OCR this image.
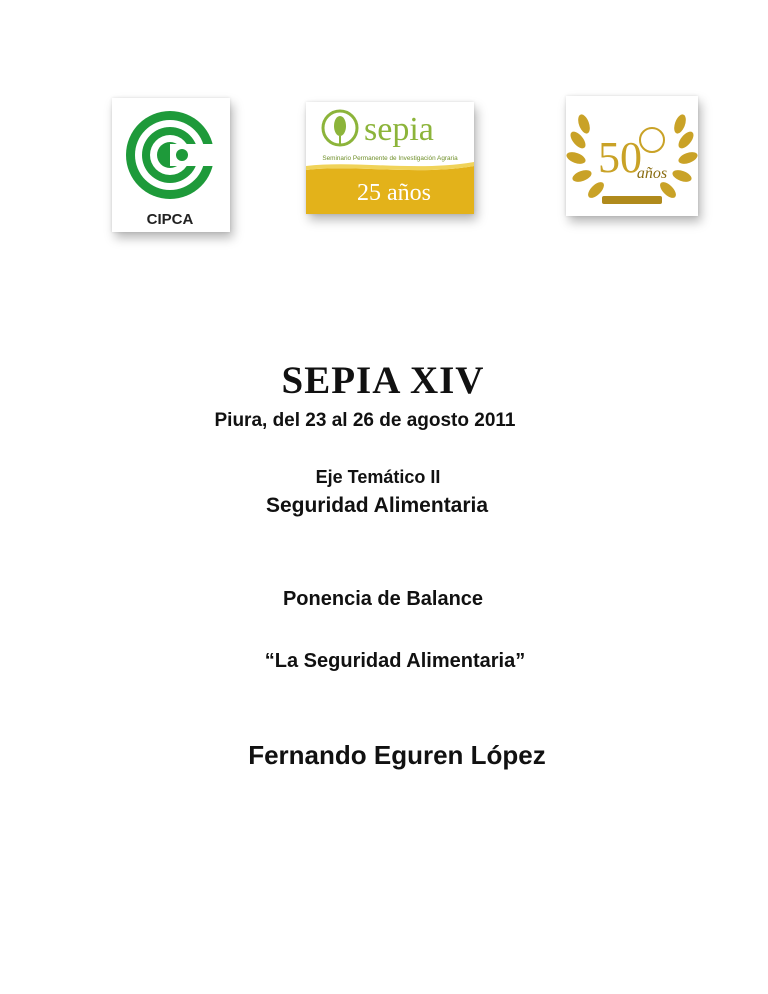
CIPCA
sepia
Seminario Permanente de Investigación Agraria
25 años
50
años
SEPIA XIV
Piura, del 23 al 26 de agosto 2011
Eje Temático II
Seguridad Alimentaria
Ponencia de Balance
“La Seguridad Alimentaria”
Fernando Eguren López
